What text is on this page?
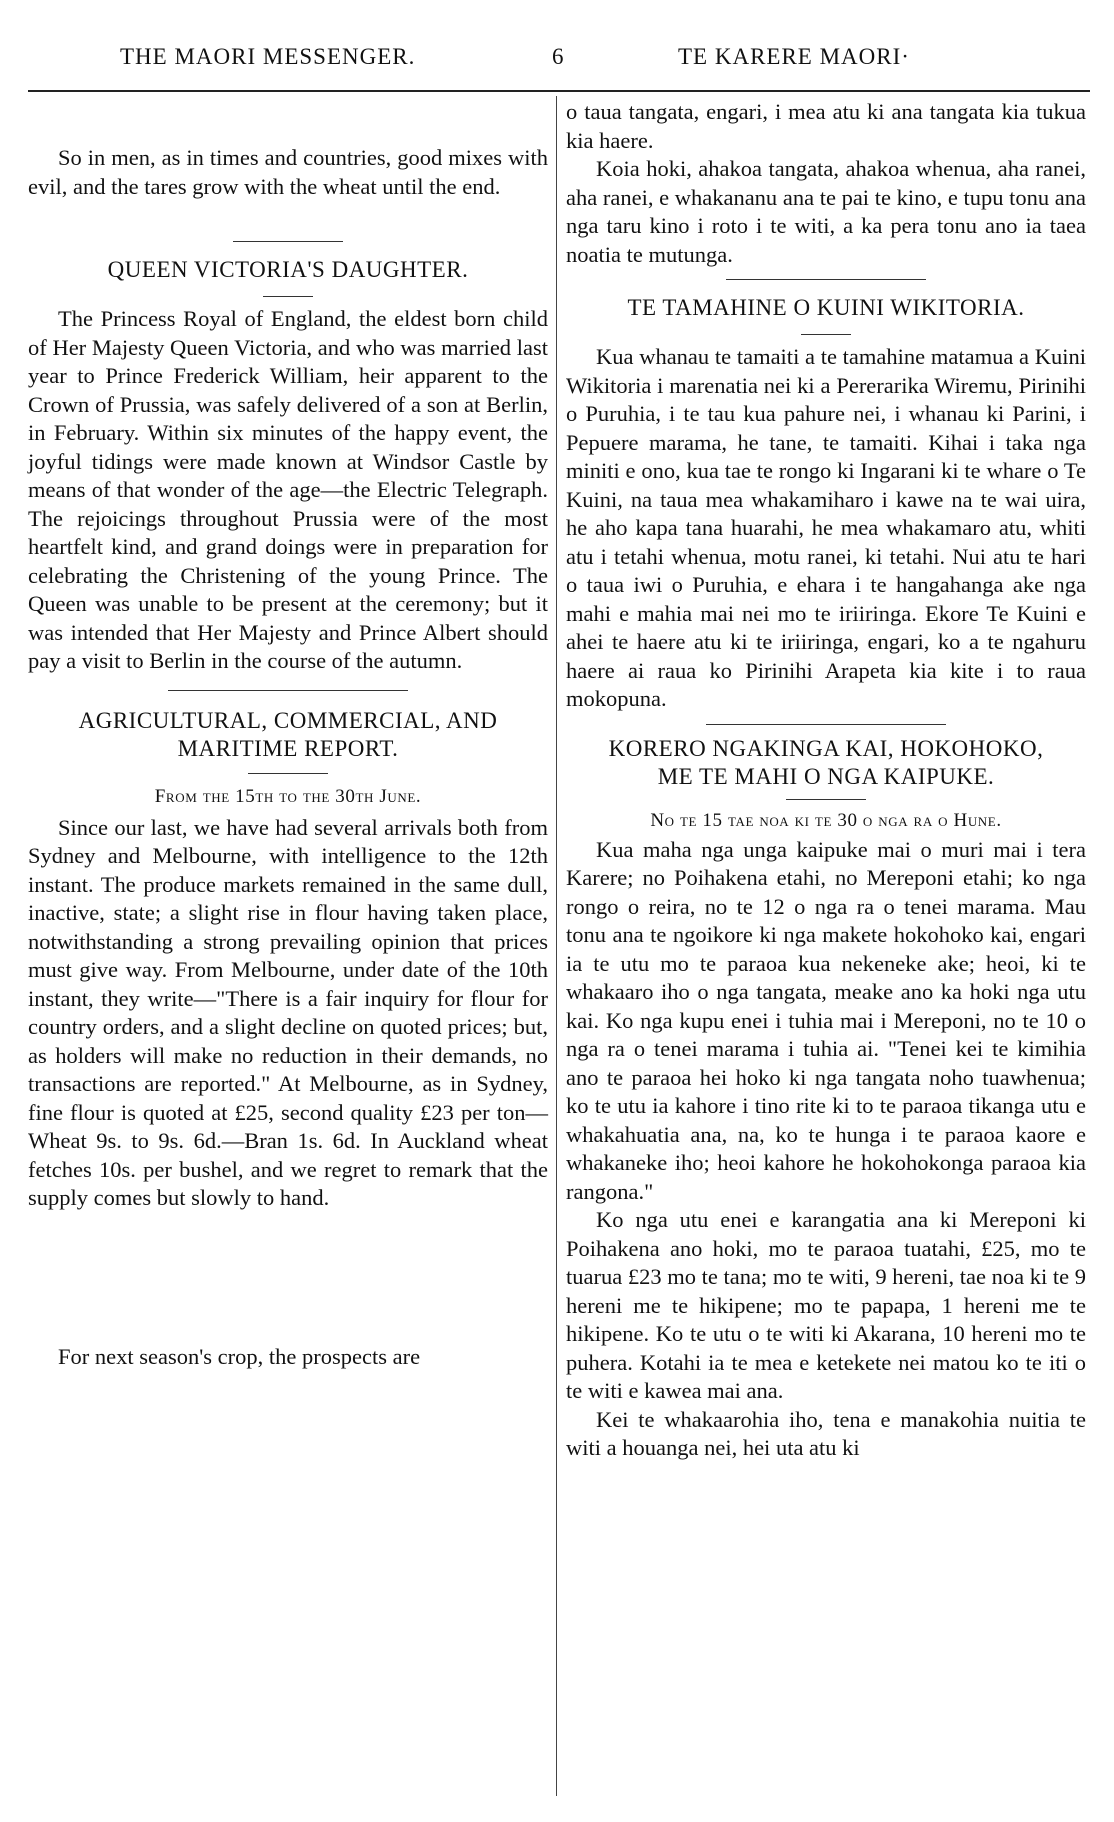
THE MAORI MESSENGER.	6	TE KARERE MAORI·

So in men, as in times and countries, good mixes with evil, and the tares grow with the wheat until the end.

QUEEN VICTORIA'S DAUGHTER.

The Princess Royal of England, the eldest born child of Her Majesty Queen Victoria, and who was married last year to Prince Frederick William, heir apparent to the Crown of Prussia, was safely delivered of a son at Berlin, in February. Within six minutes of the happy event, the joyful tidings were made known at Windsor Castle by means of that wonder of the age—the Electric Telegraph. The rejoicings throughout Prussia were of the most heartfelt kind, and grand doings were in preparation for celebrating the Christening of the young Prince. The Queen was unable to be present at the ceremony; but it was intended that Her Majesty and Prince Albert should pay a visit to Berlin in the course of the autumn.

AGRICULTURAL, COMMERCIAL, AND
MARITIME REPORT.
From the 15th to the 30th June.

Since our last, we have had several arrivals both from Sydney and Melbourne, with intelligence to the 12th instant. The produce markets remained in the same dull, inactive, state; a slight rise in flour having taken place, notwithstanding a strong prevailing opinion that prices must give way. From Melbourne, under date of the 10th instant, they write—"There is a fair inquiry for flour for country orders, and a slight decline on quoted prices; but, as holders will make no reduction in their demands, no transactions are reported." At Melbourne, as in Sydney, fine flour is quoted at £25, second quality £23 per ton—Wheat 9s. to 9s. 6d.—Bran 1s. 6d. In Auckland wheat fetches 10s. per bushel, and we regret to remark that the supply comes but slowly to hand.

For next season's crop, the prospects are

o taua tangata, engari, i mea atu ki ana tangata kia tukua kia haere.

Koia hoki, ahakoa tangata, ahakoa whenua, aha ranei, aha ranei, e whakananu ana te pai te kino, e tupu tonu ana nga taru kino i roto i te witi, a ka pera tonu ano ia taea noatia te mutunga.

TE TAMAHINE O KUINI WIKITORIA.

Kua whanau te tamaiti a te tamahine matamua a Kuini Wikitoria i marenatia nei ki a Pererarika Wiremu, Pirinihi o Puruhia, i te tau kua pahure nei, i whanau ki Parini, i Pepuere marama, he tane, te tamaiti. Kihai i taka nga miniti e ono, kua tae te rongo ki Ingarani ki te whare o Te Kuini, na taua mea whakamiharo i kawe na te wai uira, he aho kapa tana huarahi, he mea whakamaro atu, whiti atu i tetahi whenua, motu ranei, ki tetahi. Nui atu te hari o taua iwi o Puruhia, e ehara i te hangahanga ake nga mahi e mahia mai nei mo te iriiringa. Ekore Te Kuini e ahei te haere atu ki te iriiringa, engari, ko a te ngahuru haere ai raua ko Pirinihi Arapeta kia kite i to raua mokopuna.

KORERO NGAKINGA KAI, HOKOHOKO,
ME TE MAHI O NGA KAIPUKE.
No te 15 tae noa ki te 30 o nga ra o Hune.

Kua maha nga unga kaipuke mai o muri mai i tera Karere; no Poihakena etahi, no Mereponi etahi; ko nga rongo o reira, no te 12 o nga ra o tenei marama. Mau tonu ana te ngoikore ki nga makete hokohoko kai, engari ia te utu mo te paraoa kua nekeneke ake; heoi, ki te whakaaro iho o nga tangata, meake ano ka hoki nga utu kai. Ko nga kupu enei i tuhia mai i Mereponi, no te 10 o nga ra o tenei marama i tuhia ai. "Tenei kei te kimihia ano te paraoa hei hoko ki nga tangata noho tuawhenua; ko te utu ia kahore i tino rite ki to te paraoa tikanga utu e whakahuatia ana, na, ko te hunga i te paraoa kaore e whakaneke iho; heoi kahore he hokohokonga paraoa kia rangona."

Ko nga utu enei e karangatia ana ki Mereponi ki Poihakena ano hoki, mo te paraoa tuatahi, £25, mo te tuarua £23 mo te tana; mo te witi, 9 hereni, tae noa ki te 9 hereni me te hikipene; mo te papapa, 1 hereni me te hikipene. Ko te utu o te witi ki Akarana, 10 hereni mo te puhera. Kotahi ia te mea e ketekete nei matou ko te iti o te witi e kawea mai ana.

Kei te whakaarohia iho, tena e manakohia nuitia te witi a houanga nei, hei uta atu ki
